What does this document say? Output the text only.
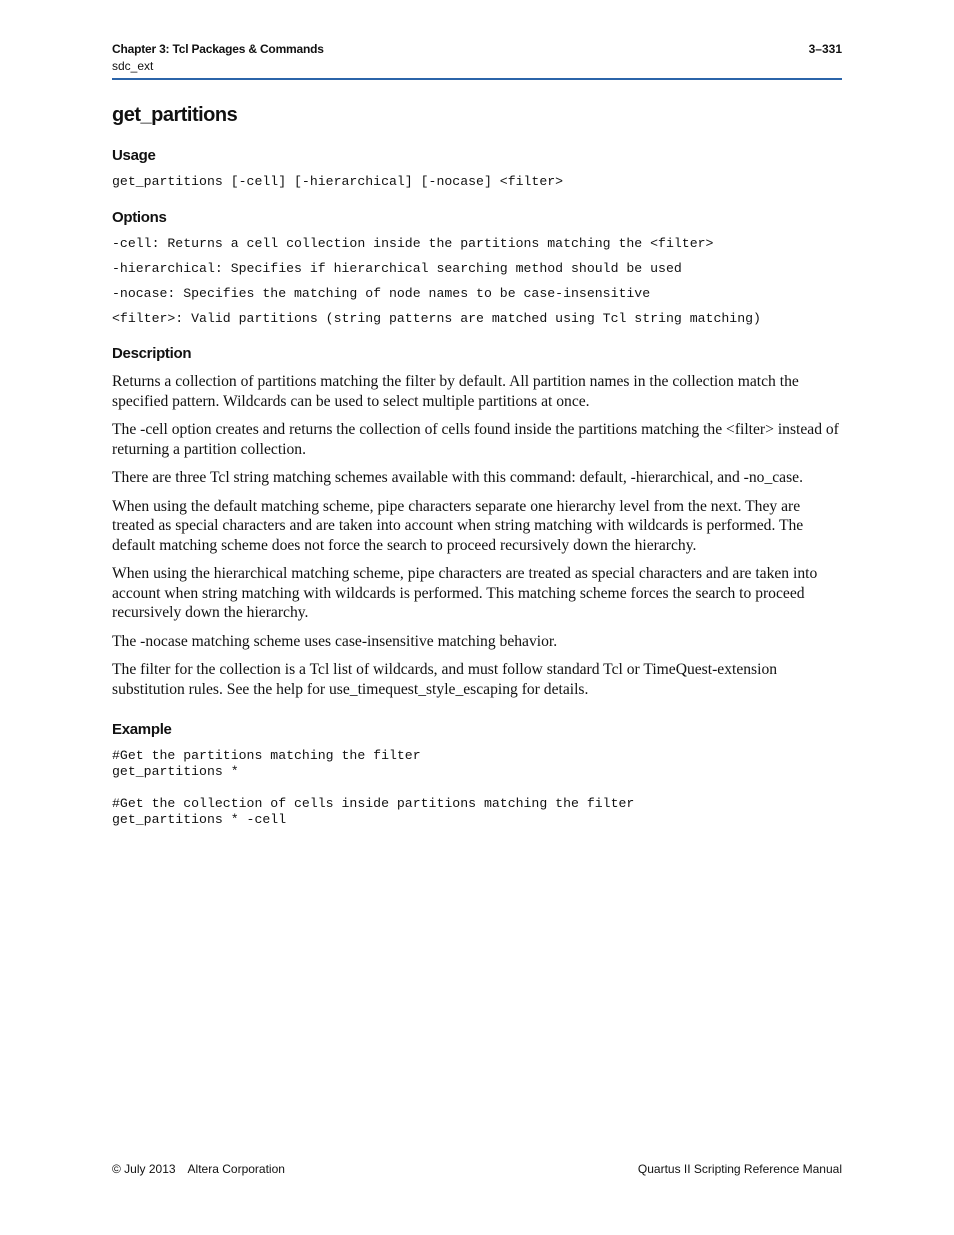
Chapter 3: Tcl Packages & Commands
sdc_ext
3–331
get_partitions
Usage
get_partitions [-cell] [-hierarchical] [-nocase] <filter>
Options
-cell: Returns a cell collection inside the partitions matching the <filter>
-hierarchical: Specifies if hierarchical searching method should be used
-nocase: Specifies the matching of node names to be case-insensitive
<filter>: Valid partitions (string patterns are matched using Tcl string matching)
Description

Returns a collection of partitions matching the filter by default. All partition names in the collection match the specified pattern. Wildcards can be used to select multiple partitions at once.

The -cell option creates and returns the collection of cells found inside the partitions matching the <filter> instead of returning a partition collection.

There are three Tcl string matching schemes available with this command: default, -hierarchical, and -no_case.

When using the default matching scheme, pipe characters separate one hierarchy level from the next. They are treated as special characters and are taken into account when string matching with wildcards is performed. The default matching scheme does not force the search to proceed recursively down the hierarchy.

When using the hierarchical matching scheme, pipe characters are treated as special characters and are taken into account when string matching with wildcards is performed. This matching scheme forces the search to proceed recursively down the hierarchy.

The -nocase matching scheme uses case-insensitive matching behavior.

The filter for the collection is a Tcl list of wildcards, and must follow standard Tcl or TimeQuest-extension substitution rules. See the help for use_timequest_style_escaping for details.

Example
#Get the partitions matching the filter
get_partitions *

#Get the collection of cells inside partitions matching the filter
get_partitions * -cell
© July 2013 Altera Corporation	Quartus II Scripting Reference Manual
